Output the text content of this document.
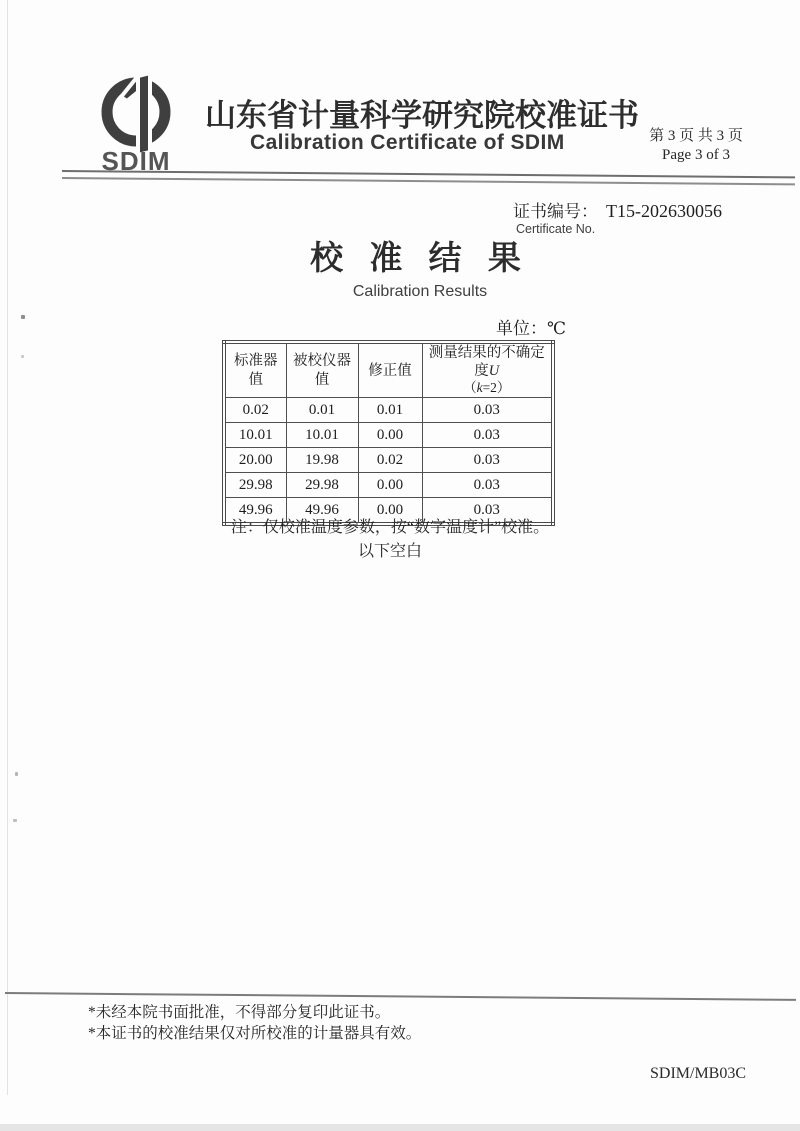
SDIM
山东省计量科学研究院校准证书
Calibration Certificate of SDIM	第 3 页 共 3 页
Page 3 of 3
证书编号： T15-202630056
Certificate No.
校 准 结 果
Calibration Results
单位：℃
标准器值	被校仪器值	修正值	测量结果的不确定度U
（k=2）

0.02	0.01	0.01	0.03
10.01	10.01	0.00	0.03
20.00	19.98	0.02	0.03
29.98	29.98	0.00	0.03
49.96	49.96	0.00	0.03
注：仅校准温度参数，按“数字温度计”校准。
以下空白
*未经本院书面批准，不得部分复印此证书。
*本证书的校准结果仅对所校准的计量器具有效。
SDIM/MB03C
